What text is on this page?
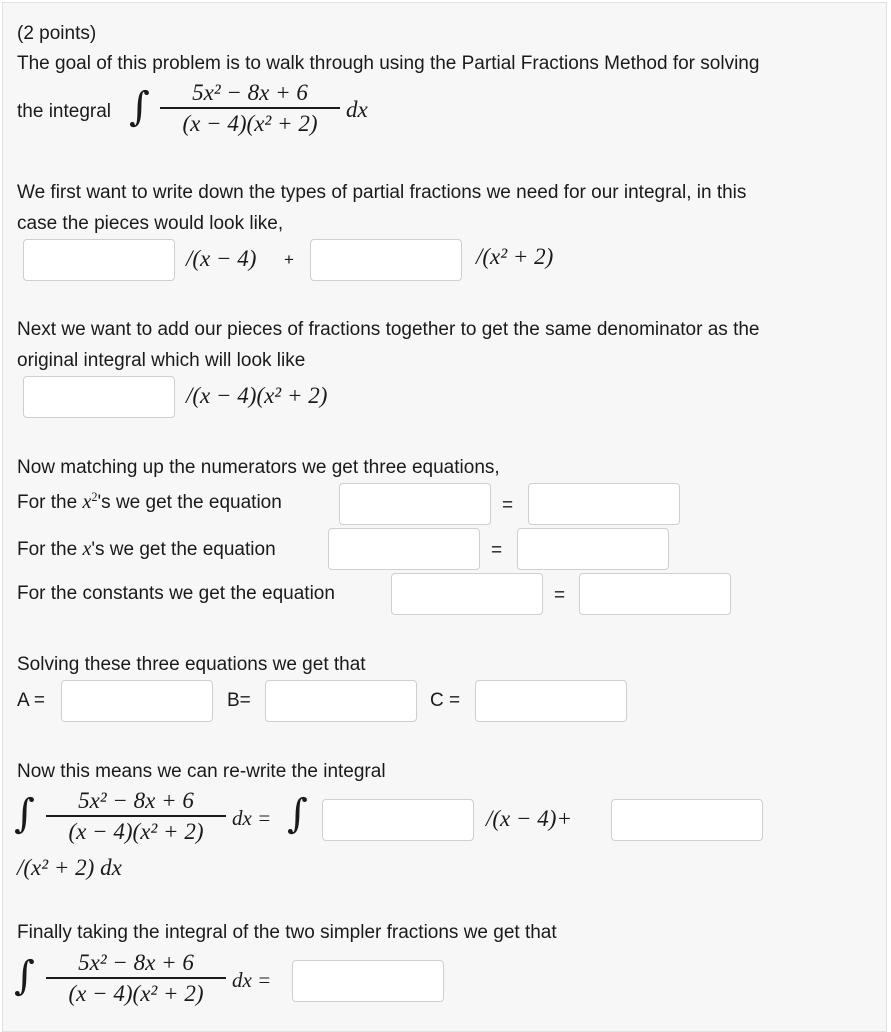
(2 points)
The goal of this problem is to walk through using the Partial Fractions Method for solving
the integral ∫	5x² − 8x + 6
(x − 4)(x² + 2)
dx
We first want to write down the types of partial fractions we need for our integral, in this
case the pieces would look like,
/(x − 4) +	/(x² + 2)
Next we want to add our pieces of fractions together to get the same denominator as the
original integral which will look like
/(x − 4)(x² + 2)
Now matching up the numerators we get three equations,
For the $x^2's$ we get the equation	=
For the x's we get the equation	=
For the constants we get the equation	=
Solving these three equations we get that
A =	B=	C =
Now this means we can re-write the integral
∫	5x² − 8x + 6
(x − 4)(x² + 2)
dx = ∫	/(x − 4)+
/(x² + 2) dx
Finally taking the integral of the two simpler fractions we get that
∫	5x² − 8x + 6
(x − 4)(x² + 2)
dx =
